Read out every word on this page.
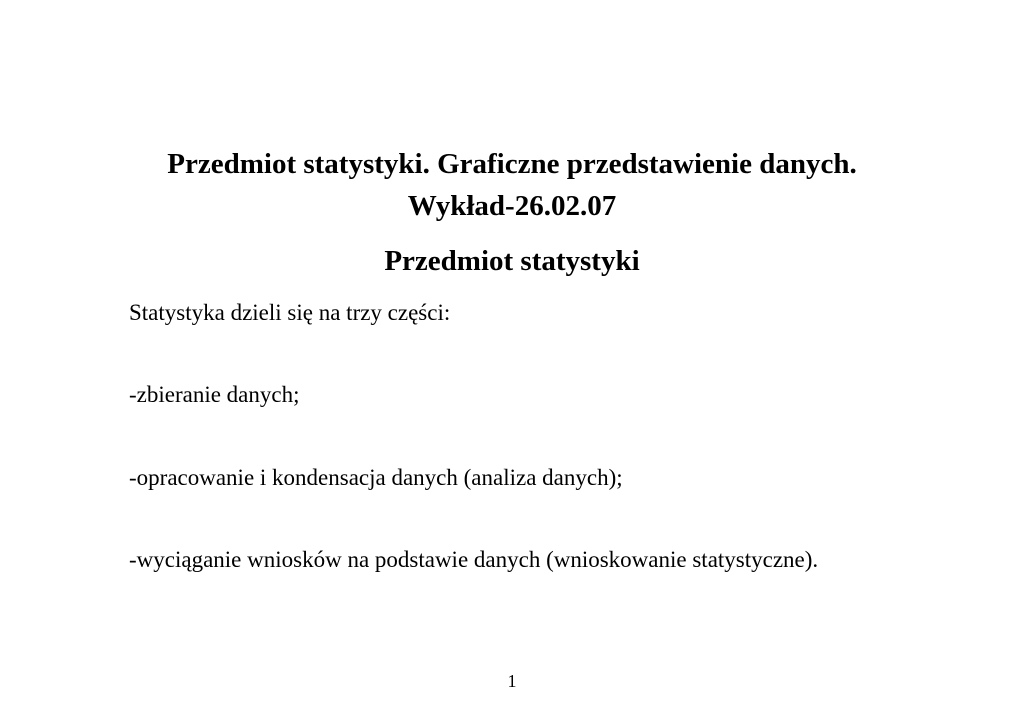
Przedmiot statystyki. Graficzne przedstawienie danych.
Wykład-26.02.07
Przedmiot statystyki

Statystyka dzieli się na trzy części:

-zbieranie danych;

-opracowanie i kondensacja danych (analiza danych);

-wyciąganie wniosków na podstawie danych (wnioskowanie statystyczne).

1
